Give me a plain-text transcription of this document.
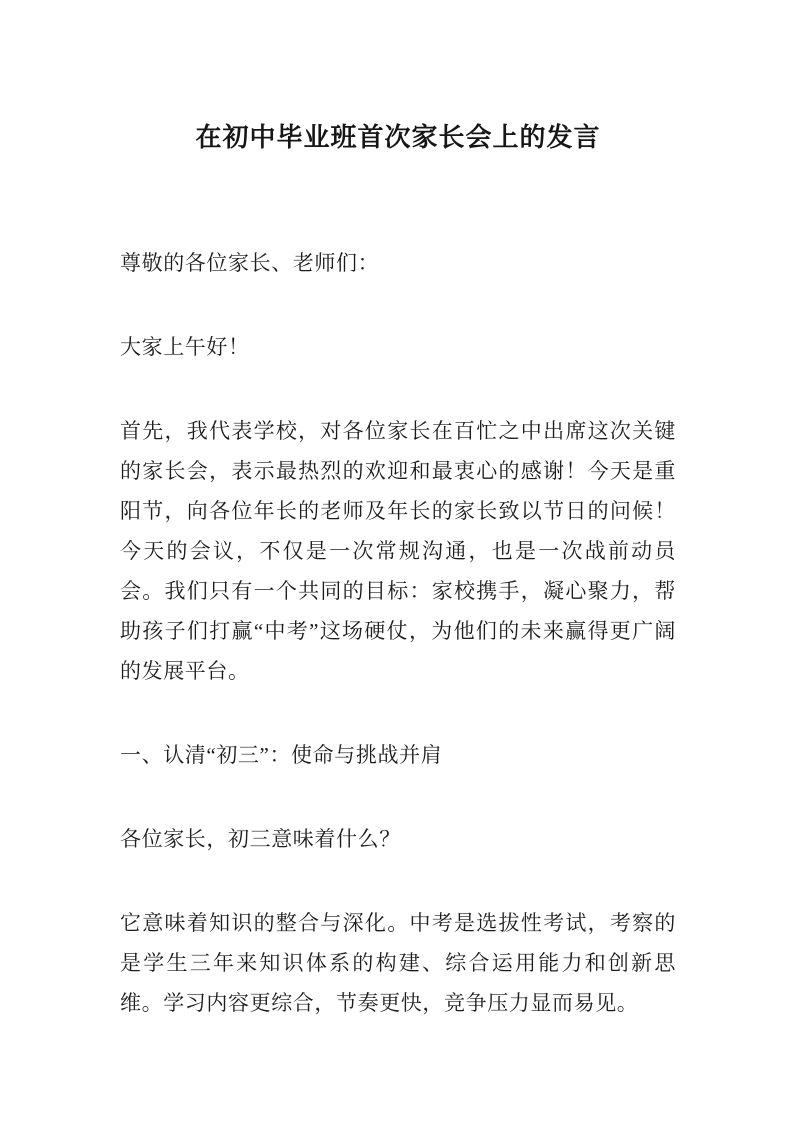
在初中毕业班首次家长会上的发言

尊敬的各位家长、老师们：

大家上午好！

首先，我代表学校，对各位家长在百忙之中出席这次关键的家长会，表示最热烈的欢迎和最衷心的感谢！今天是重阳节，向各位年长的老师及年长的家长致以节日的问候！今天的会议，不仅是一次常规沟通，也是一次战前动员会。我们只有一个共同的目标：家校携手，凝心聚力，帮助孩子们打赢“中考”这场硬仗，为他们的未来赢得更广阔的发展平台。

一、认清“初三”：使命与挑战并肩

各位家长，初三意味着什么？

它意味着知识的整合与深化。中考是选拔性考试，考察的是学生三年来知识体系的构建、综合运用能力和创新思维。学习内容更综合，节奏更快，竞争压力显而易见。
